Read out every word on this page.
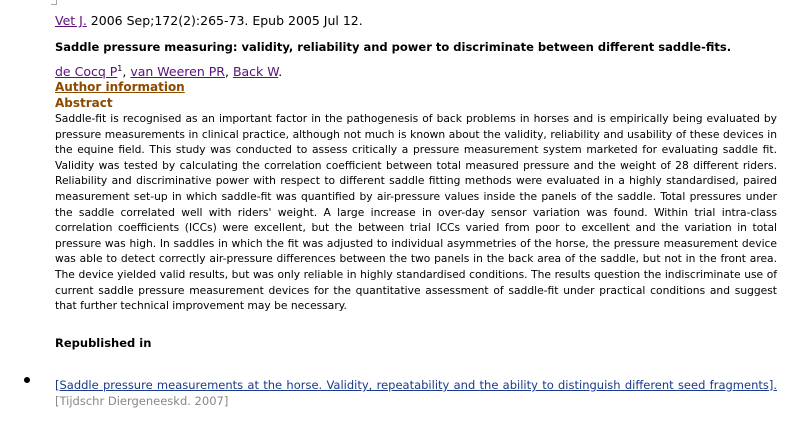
Vet J. 2006 Sep;172(2):265-73. Epub 2005 Jul 12.
Saddle pressure measuring: validity, reliability and power to discriminate between different saddle-fits.
de Cocq $P^1$, van Weeren PR, Back W.
Author information
Abstract

Saddle-fit is recognised as an important factor in the pathogenesis of back problems in horses and is empirically being evaluated by pressure measurements in clinical practice, although not much is known about the validity, reliability and usability of these devices in the equine field. This study was conducted to assess critically a pressure measurement system marketed for evaluating saddle fit. Validity was tested by calculating the correlation coefficient between total measured pressure and the weight of 28 different riders. Reliability and discriminative power with respect to different saddle fitting methods were evaluated in a highly standardised, paired measurement set-up in which saddle-fit was quantified by air-pressure values inside the panels of the saddle. Total pressures under the saddle correlated well with riders' weight. A large increase in over-day sensor variation was found. Within trial intra-class correlation coefficients (ICCs) were excellent, but the between trial ICCs varied from poor to excellent and the variation in total pressure was high. In saddles in which the fit was adjusted to individual asymmetries of the horse, the pressure measurement device was able to detect correctly air-pressure differences between the two panels in the back area of the saddle, but not in the front area. The device yielded valid results, but was only reliable in highly standardised conditions. The results question the indiscriminate use of current saddle pressure measurement devices for the quantitative assessment of saddle-fit under practical conditions and suggest that further technical improvement may be necessary.

Republished in

[Saddle pressure measurements at the horse. Validity, repeatability and the ability to distinguish different seed fragments]. [Tijdschr Diergeneeskd. 2007]
